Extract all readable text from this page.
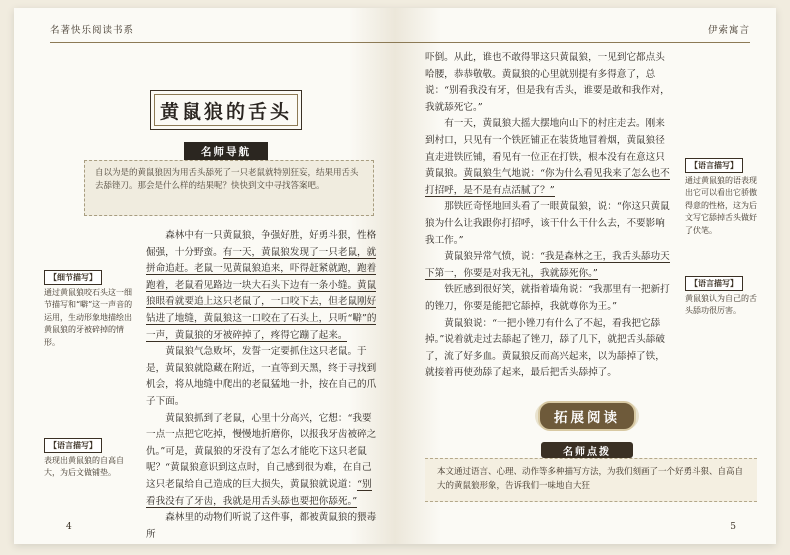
名著快乐阅读书系
黄鼠狼的舌头
名师导航
自以为是的黄鼠狼因为用舌头舔死了一只老鼠就特别狂妄，结果用舌头去舔锉刀。那会是什么样的结果呢？快快到文中寻找答案吧。
【细节描写】
通过黄鼠狼咬石头这一细节描写和“噼”这一声音的运用，生动形象地描绘出黄鼠狼的牙被碎掉的情形。
【语言描写】
表现出黄鼠狼的自高自大，为后文做铺垫。

森林中有一只黄鼠狼，争强好胜，好勇斗狠，性格倔强，十分野蛮。有一天，黄鼠狼发现了一只老鼠，就拼命追赶。老鼠一见黄鼠狼追来，吓得赶紧就跑，跑着跑着，老鼠看见路边一块大石头下边有一条小缝。黄鼠狼眼看就要追上这只老鼠了，一口咬下去，但老鼠刚好钻进了地缝，黄鼠狼这一口咬在了石头上，只听“噼”的一声，黄鼠狼的牙被碎掉了，疼得它蹦了起来。

黄鼠狼气急败坏，发誓一定要抓住这只老鼠。于是，黄鼠狼就隐藏在附近，一直等到天黑，终于寻找到机会，将从地缝中爬出的老鼠猛地一扑，按在自己的爪子下面。

黄鼠狼抓到了老鼠，心里十分高兴，它想：“我要一点一点把它吃掉，慢慢地折磨你，以报我牙齿被碎之仇。”可是，黄鼠狼的牙没有了怎么才能吃下这只老鼠呢？“黄鼠狼意识到这点时，自己感到很为难，在自己这只老鼠给自己造成的巨大损失，黄鼠狼就说道：“别看我没有了牙齿，我就是用舌头舔也要把你舔死。”

森林里的动物们听说了这件事，都被黄鼠狼的猥毒所

4
伊索寓言

吓倒。从此，谁也不敢得罪这只黄鼠狼，一见到它都点头哈腰，恭恭敬敬。黄鼠狼的心里就别提有多得意了，总说：“别看我没有牙，但是我有舌头，谁要是敢和我作对，我就舔死它。”

有一天，黄鼠狼大摇大摆地向山下的村庄走去。刚来到村口，只见有一个铁匠铺正在装货地冒着烟，黄鼠狼径直走进铁匠铺，看见有一位正在打铁，根本没有在意这只黄鼠狼。黄鼠狼生气地说：“你为什么看见我来了怎么也不打招呼，是不是有点活腻了？”

那铁匠奇怪地回头看了一眼黄鼠狼，说：“你这只黄鼠狼为什么让我跟你打招呼，该干什么干什么去，不要影响我工作。”

黄鼠狼异常气愤，说：“我是森林之王，我舌头舔功天下第一，你要是对我无礼，我就舔死你。”

铁匠感到很好笑，就指着墙角说：“我那里有一把新打的锉刀，你要是能把它舔掉，我就尊你为王。”

黄鼠狼说：“一把小锉刀有什么了不起，看我把它舔掉。”说着就走过去舔起了锉刀，舔了几下，就把舌头舔破了，流了好多血。黄鼠狼反而高兴起来，以为舔掉了铁，就接着再使劲舔了起来，最后把舌头舔掉了。

【语言描写】
通过黄鼠狼的语表现出它可以看出它骄傲得意的性格，这为后文写它舔掉舌头做好了伏笔。
【语言描写】
黄鼠狼认为自己的舌头舔功很厉害。
拓展阅读
名师点拨
本文通过语言、心理、动作等多种描写方法，为我们刻画了一个好勇斗狠、自高自大的黄鼠狼形象，告诉我们一味地自大狂
5
